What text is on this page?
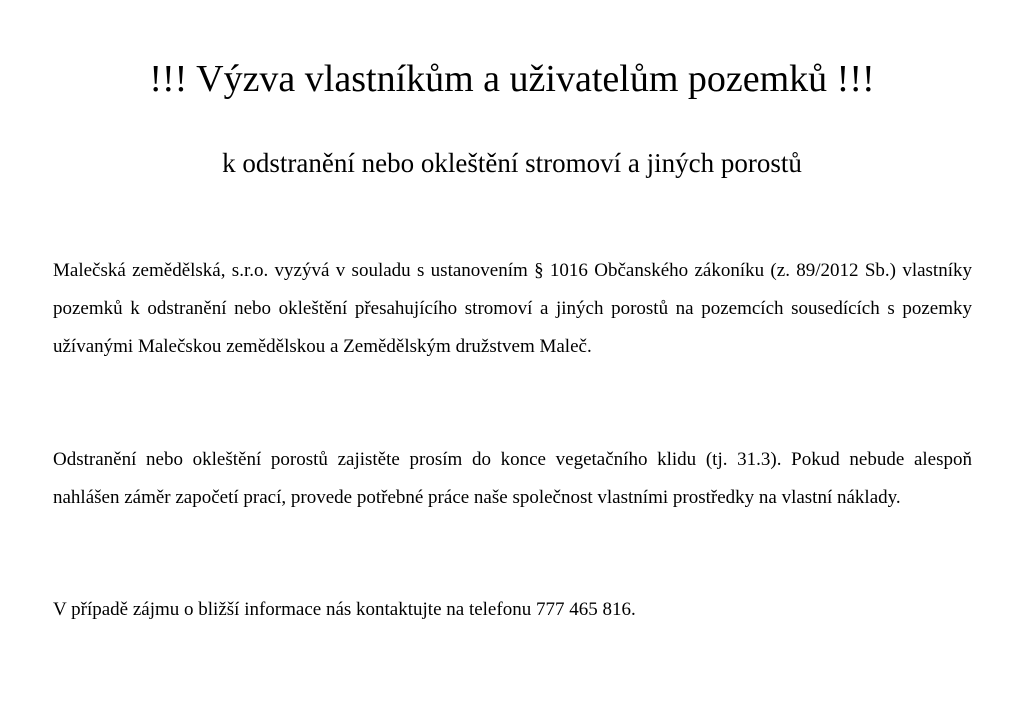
!!! Výzva vlastníkům a uživatelům pozemků !!!
k odstranění nebo okleštění stromoví a jiných porostů

Malečská zemědělská, s.r.o. vyzývá v souladu s ustanovením § 1016 Občanského zákoníku (z. 89/2012 Sb.) vlastníky pozemků k odstranění nebo okleštění přesahujícího stromoví a jiných porostů na pozemcích sousedících s pozemky užívanými Malečskou zemědělskou a Zemědělským družstvem Maleč.

Odstranění nebo okleštění porostů zajistěte prosím do konce vegetačního klidu (tj. 31.3). Pokud nebude alespoň nahlášen záměr započetí prací, provede potřebné práce naše společnost vlastními prostředky na vlastní náklady.

V případě zájmu o bližší informace nás kontaktujte na telefonu 777 465 816.
